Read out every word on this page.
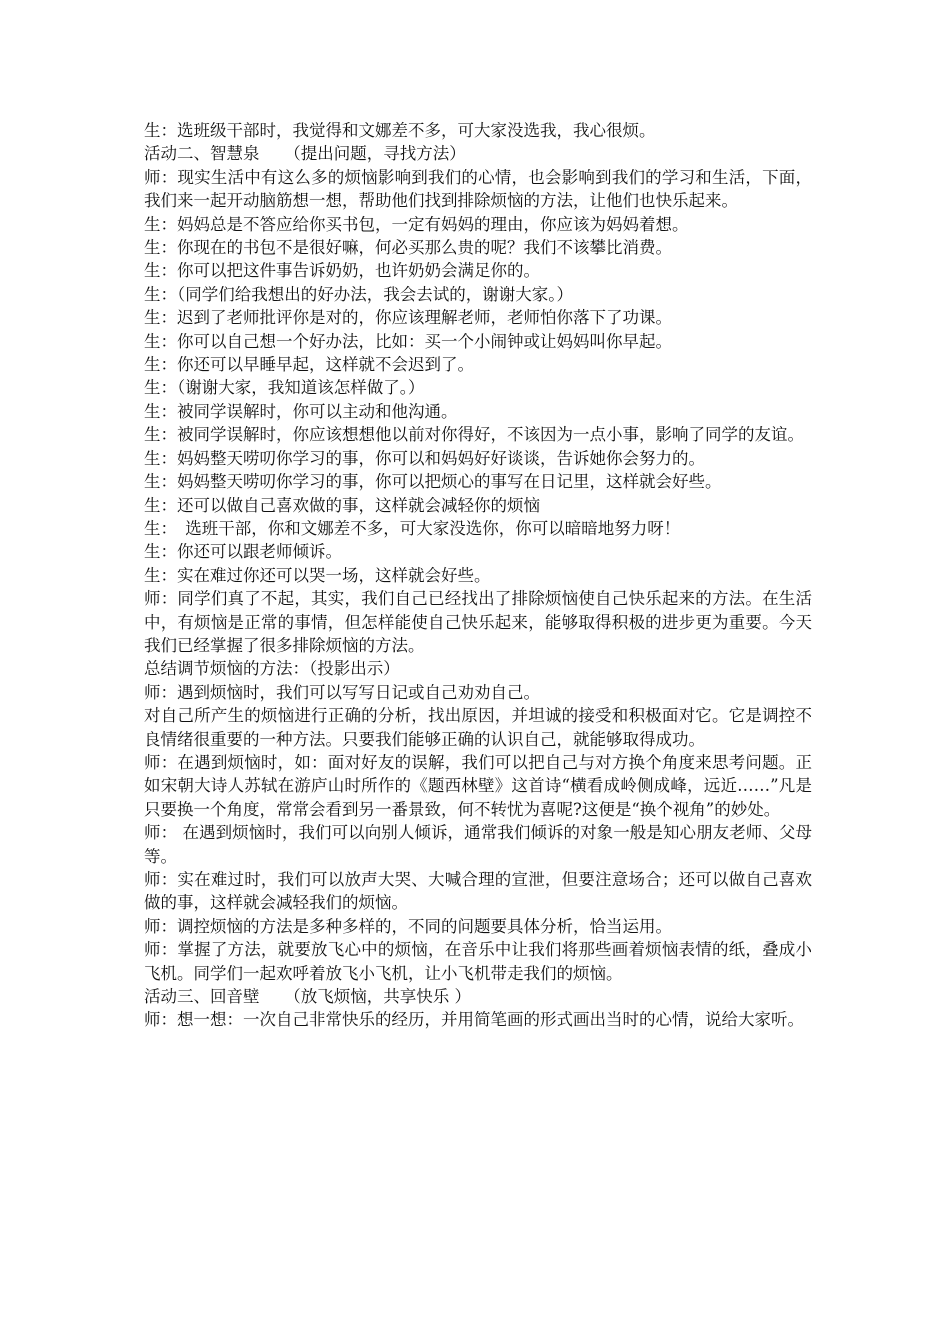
生：选班级干部时，我觉得和文娜差不多，可大家没选我，我心很烦。

活动二、智慧泉　　（提出问题，寻找方法）

师：现实生活中有这么多的烦恼影响到我们的心情，也会影响到我们的学习和生活，下面，我们来一起开动脑筋想一想，帮助他们找到排除烦恼的方法，让他们也快乐起来。

生：妈妈总是不答应给你买书包，一定有妈妈的理由，你应该为妈妈着想。

生：你现在的书包不是很好嘛，何必买那么贵的呢？我们不该攀比消费。

生：你可以把这件事告诉奶奶，也许奶奶会满足你的。

生：（同学们给我想出的好办法，我会去试的，谢谢大家。）

生：迟到了老师批评你是对的，你应该理解老师，老师怕你落下了功课。

生：你可以自己想一个好办法，比如：买一个小闹钟或让妈妈叫你早起。

生：你还可以早睡早起，这样就不会迟到了。

生：（谢谢大家，我知道该怎样做了。）

生：被同学误解时，你可以主动和他沟通。

生：被同学误解时，你应该想想他以前对你得好，不该因为一点小事，影响了同学的友谊。

生：妈妈整天唠叨你学习的事，你可以和妈妈好好谈谈，告诉她你会努力的。

生：妈妈整天唠叨你学习的事，你可以把烦心的事写在日记里，这样就会好些。

生：还可以做自己喜欢做的事，这样就会减轻你的烦恼

生：　选班干部，你和文娜差不多，可大家没选你，你可以暗暗地努力呀！

生：你还可以跟老师倾诉。

生：实在难过你还可以哭一场，这样就会好些。

师：同学们真了不起，其实，我们自己已经找出了排除烦恼使自己快乐起来的方法。在生活中，有烦恼是正常的事情，但怎样能使自己快乐起来，能够取得积极的进步更为重要。今天我们已经掌握了很多排除烦恼的方法。

总结调节烦恼的方法：（投影出示）

师：遇到烦恼时，我们可以写写日记或自己劝劝自己。

对自己所产生的烦恼进行正确的分析，找出原因，并坦诚的接受和积极面对它。它是调控不良情绪很重要的一种方法。只要我们能够正确的认识自己，就能够取得成功。

师：在遇到烦恼时，如：面对好友的误解，我们可以把自己与对方换个角度来思考问题。正如宋朝大诗人苏轼在游庐山时所作的《题西林壁》这首诗“横看成岭侧成峰，远近……”凡是只要换一个角度，常常会看到另一番景致，何不转忧为喜呢?这便是“换个视角”的妙处。

师： 在遇到烦恼时，我们可以向别人倾诉，通常我们倾诉的对象一般是知心朋友老师、父母等。

师：实在难过时，我们可以放声大哭、大喊合理的宣泄，但要注意场合；还可以做自己喜欢做的事，这样就会减轻我们的烦恼。

师：调控烦恼的方法是多种多样的，不同的问题要具体分析，恰当运用。

师：掌握了方法，就要放飞心中的烦恼，在音乐中让我们将那些画着烦恼表情的纸，叠成小飞机。同学们一起欢呼着放飞小飞机，让小飞机带走我们的烦恼。

活动三、回音壁　　（放飞烦恼，共享快乐 ）

师：想一想：一次自己非常快乐的经历，并用简笔画的形式画出当时的心情，说给大家听。
